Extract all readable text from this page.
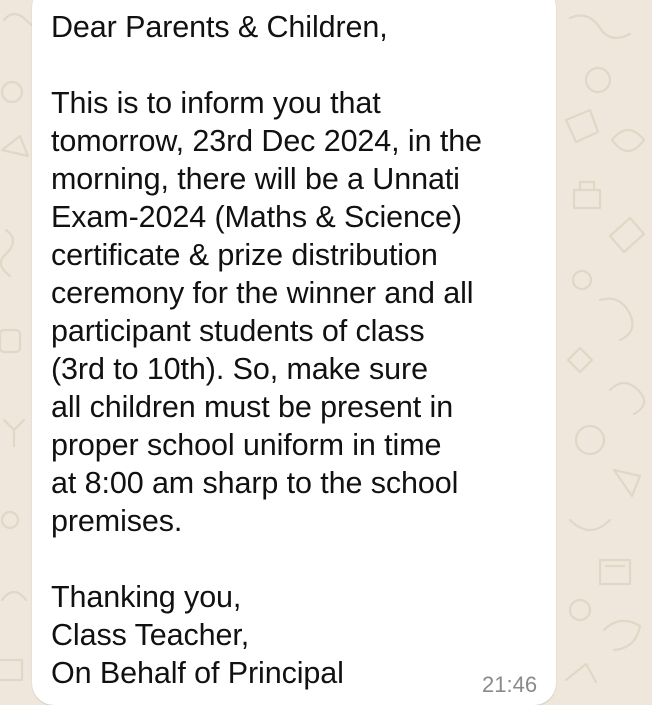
Dear Parents & Children,
This is to inform you that
tomorrow, 23rd Dec 2024, in the
morning, there will be a Unnati
Exam-2024 (Maths & Science)
certificate & prize distribution
ceremony for the winner and all
participant students of class
(3rd to 10th). So, make sure
all children must be present in
proper school uniform in time
at 8:00 am sharp to the school
premises.
Thanking you,
Class Teacher,
On Behalf of Principal	21:46
